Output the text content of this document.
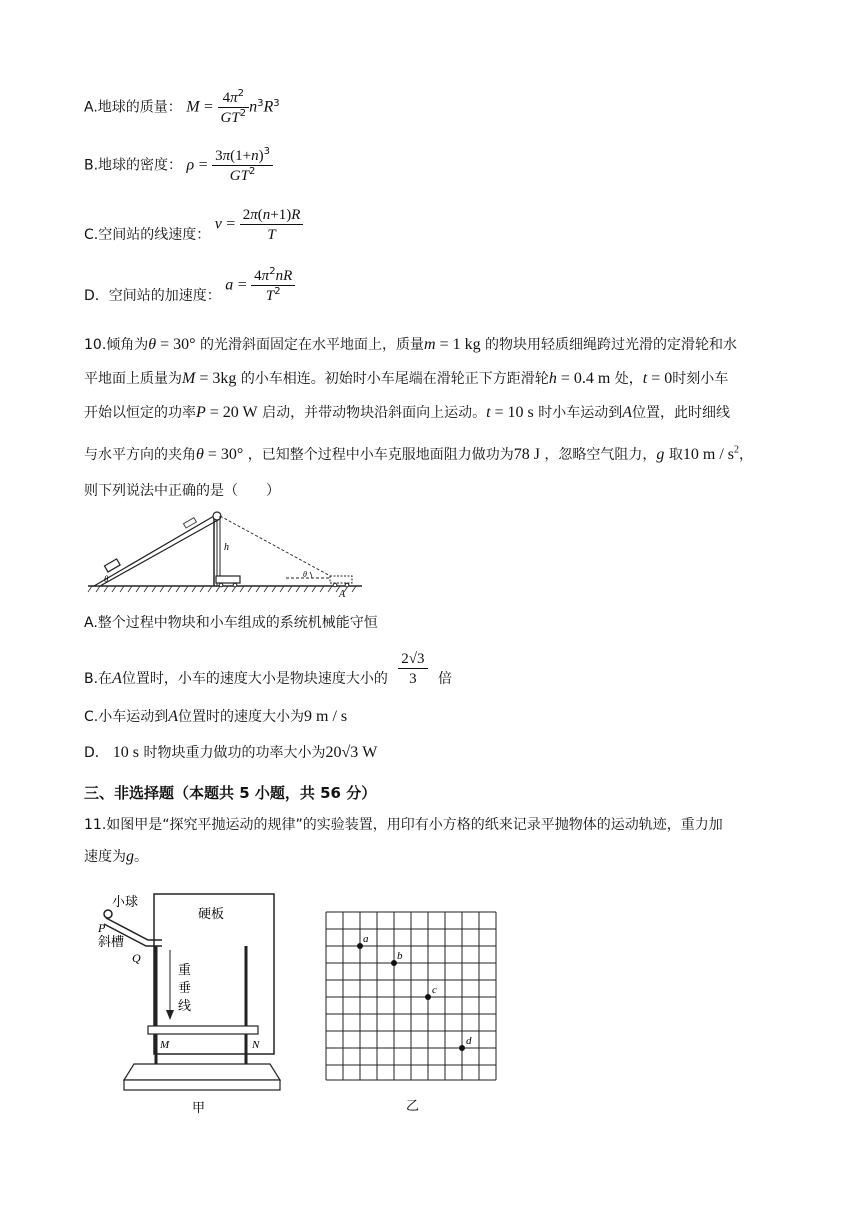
A.地球的质量： $M = \frac{4\pi^2}{GT^2} n^3R^3$
B.地球的密度： $\rho = \frac{3\pi(1+n)^3}{GT^2}$
C.空间站的线速度： $v = \frac{2\pi(n+1)R}{T}$
D．空间站的加速度： $a = \frac{4\pi^2nR}{T^2}$
10.倾角为θ = 30° 的光滑斜面固定在水平地面上，质量m = 1 kg 的物块用轻质细绳跨过光滑的定滑轮和水
平地面上质量为M = 3kg 的小车相连。初始时小车尾端在滑轮正下方距滑轮h = 0.4 m 处，t = 0时刻小车
开始以恒定的功率P = 20 W 启动，并带动物块沿斜面向上运动。t = 10 s 时小车运动到A位置，此时细线
与水平方向的夹角θ = 30° ，已知整个过程中小车克服地面阻力做功为78 J ，忽略空气阻力，g 取10 m / $s^2$，
则下列说法中正确的是（　　）
θ
h
θ
A
A.整个过程中物块和小车组成的系统机械能守恒
B.在A位置时，小车的速度大小是物块速度大小的 $\frac{2√3}{3}$ 倍
C.小车运动到A位置时的速度大小为9 m / s
D． 10 s 时物块重力做功的功率大小为20√3 W
三、非选择题（本题共 5 小题，共 56 分）
11.如图甲是“探究平抛运动的规律”的实验装置，用印有小方格的纸来记录平抛物体的运动轨迹，重力加
速度为g。
硬板
小球
P
斜槽
Q
重
垂
线
M	N
甲
a
b
c
d
乙
